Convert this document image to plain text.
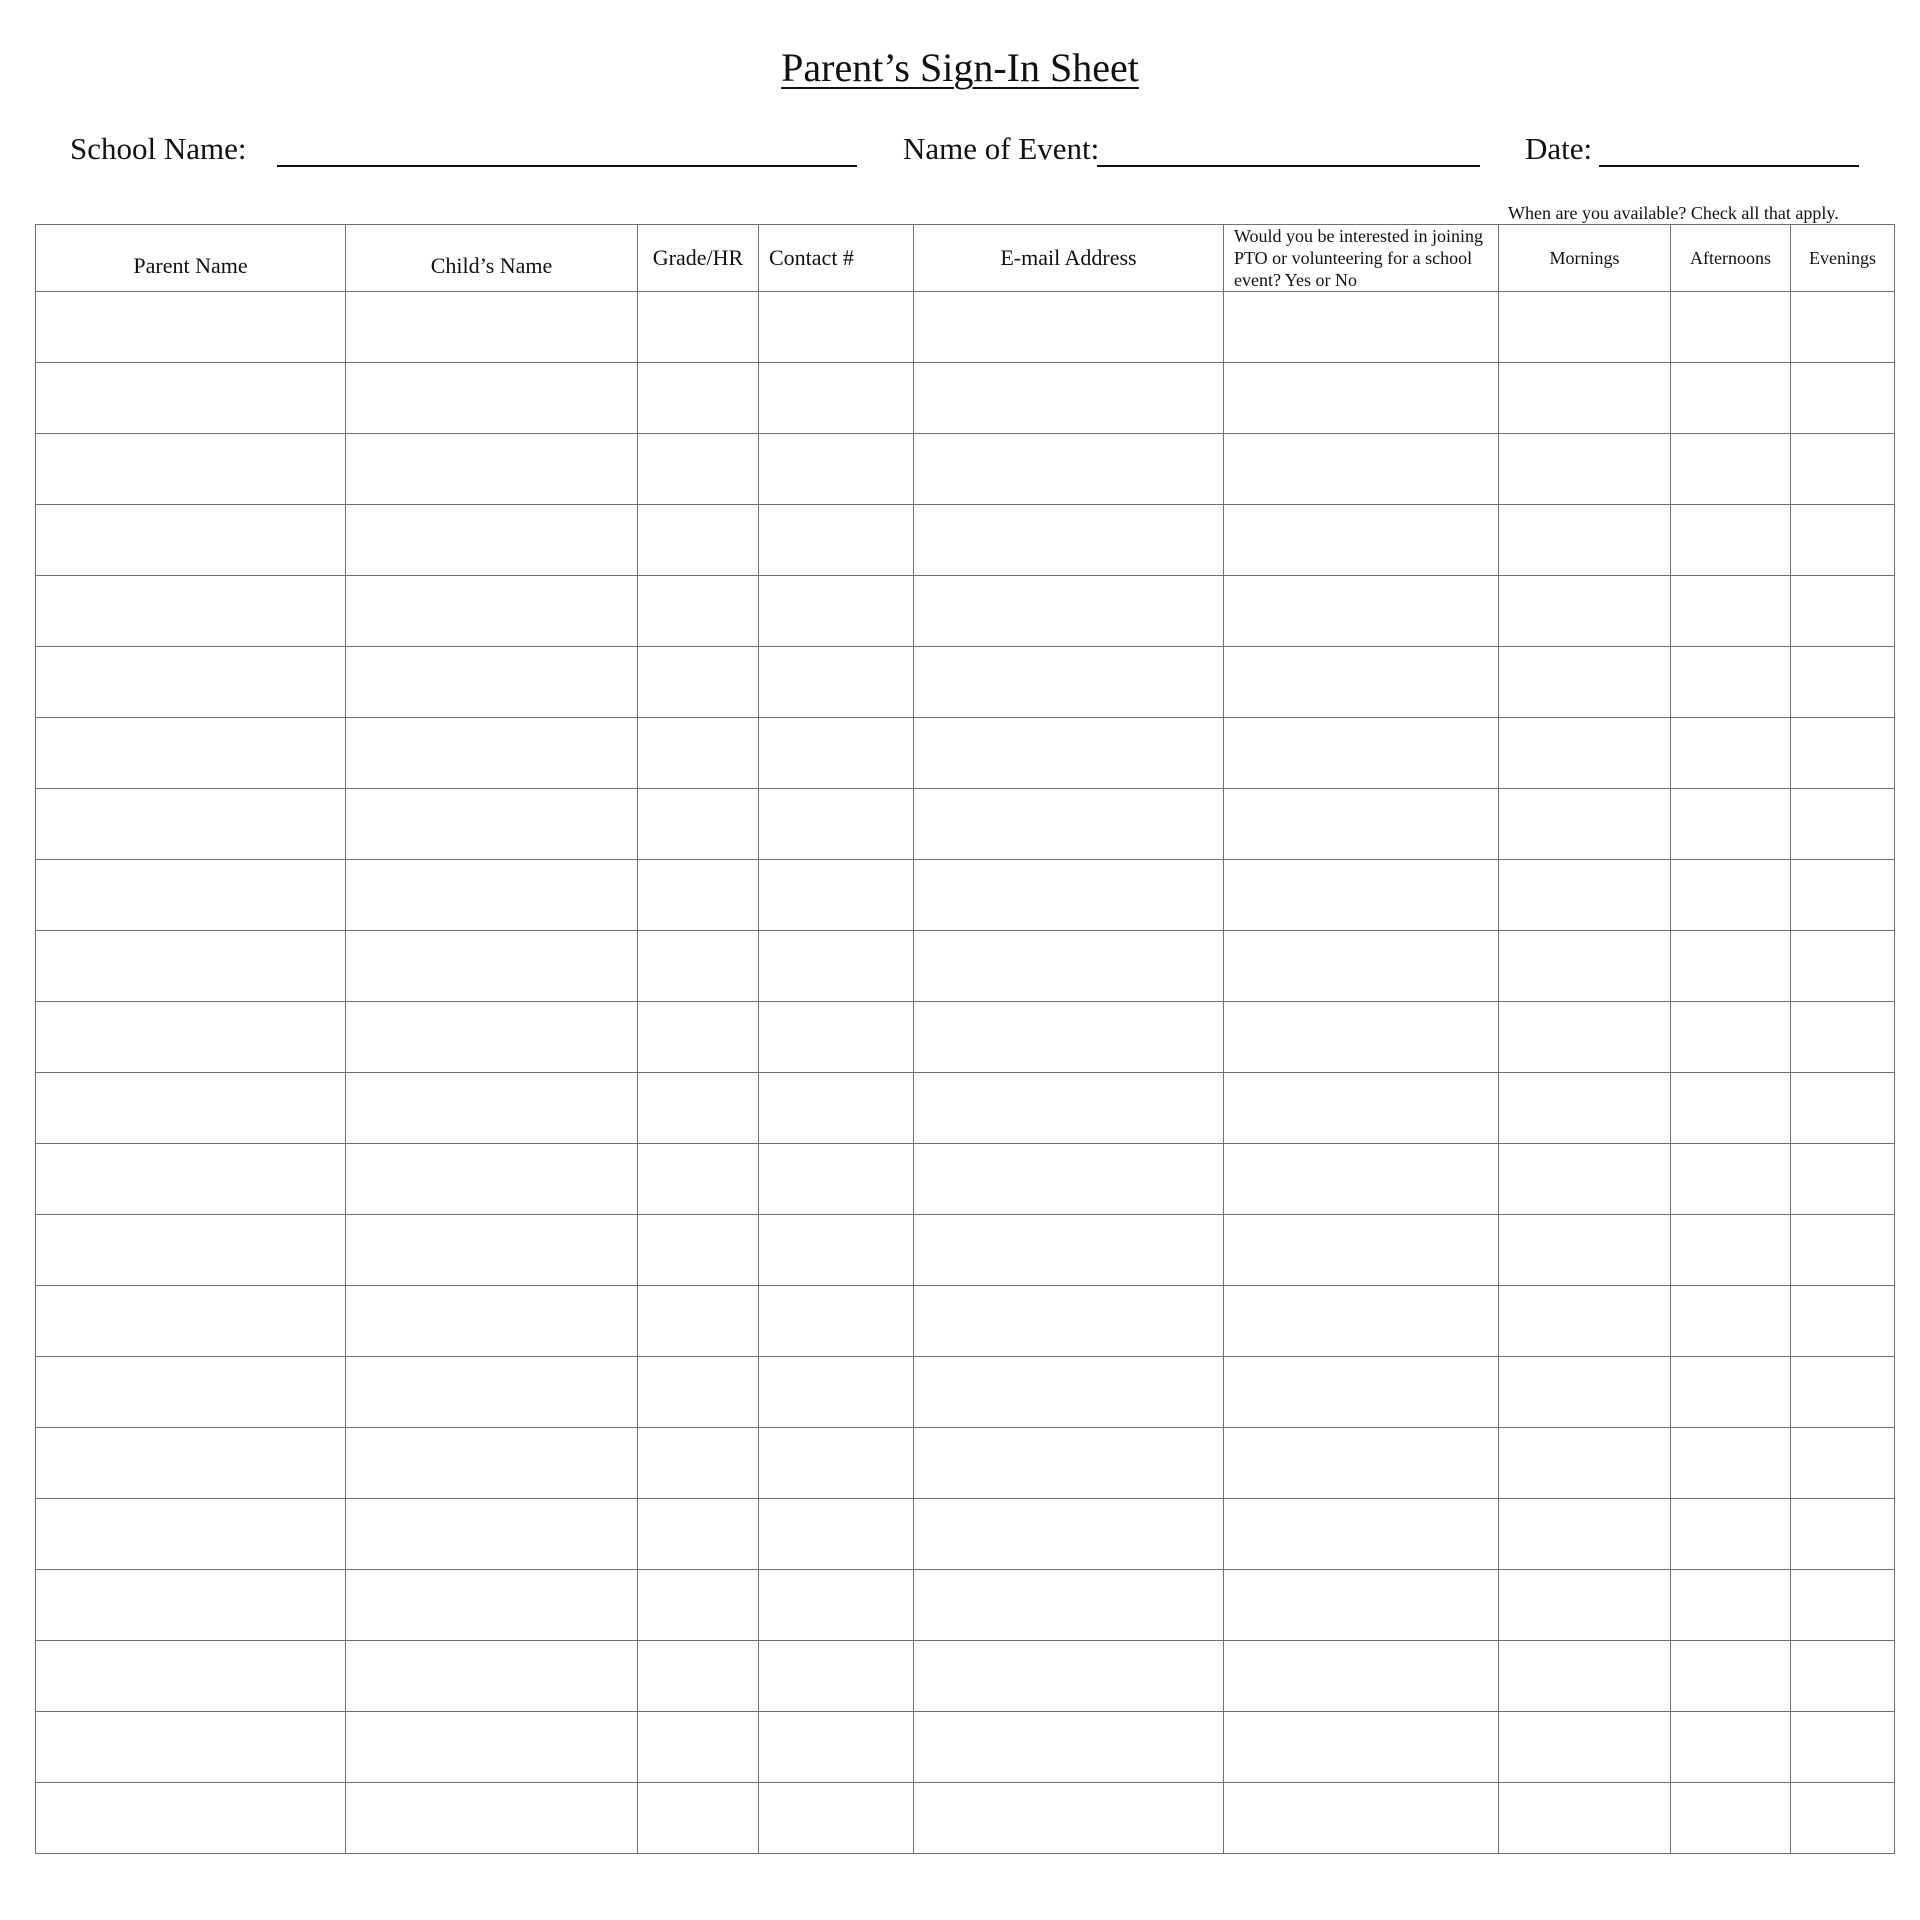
Parent’s Sign-In Sheet
School Name:	Name of Event:	Date:
When are you available? Check all that apply.
Parent Name	Child’s Name	Grade/HR	Contact #	E-mail Address	Would you be interested in joining PTO or volunteering for a school event? Yes or No	Mornings	Afternoons	Evenings
